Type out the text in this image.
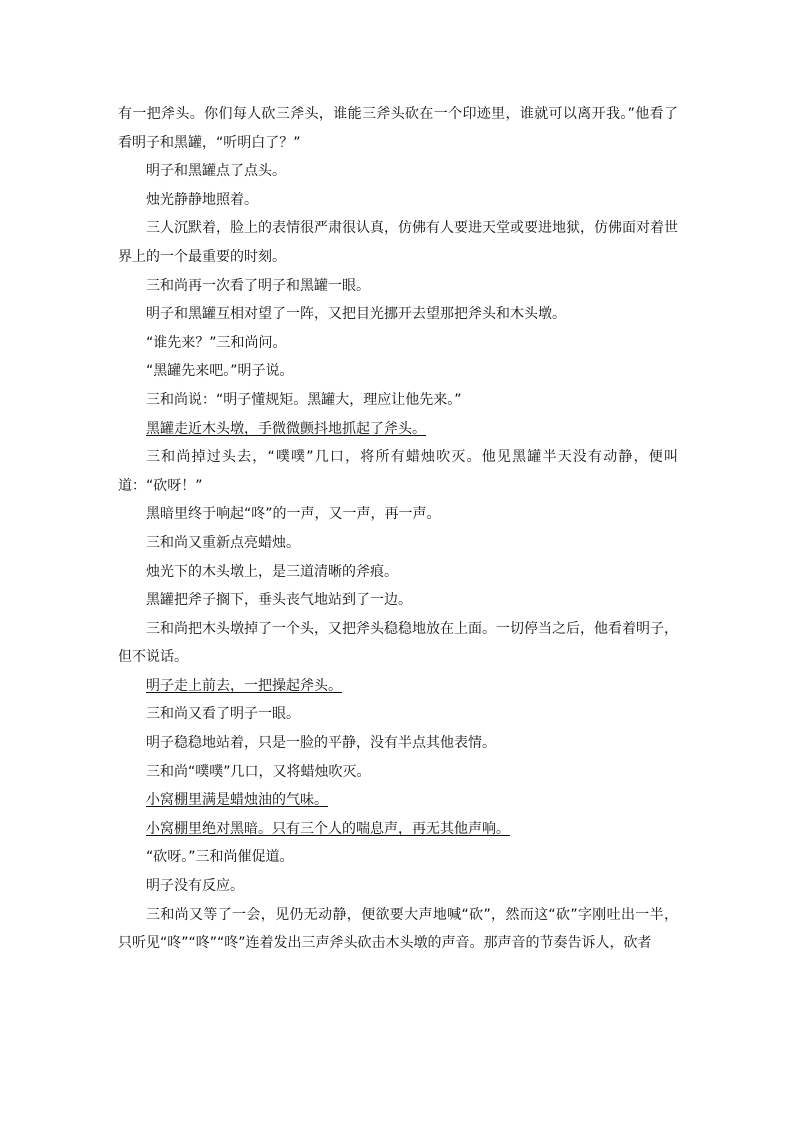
有一把斧头。你们每人砍三斧头，谁能三斧头砍在一个印迹里，谁就可以离开我。”他看了看明子和黑罐，“听明白了？”

明子和黑罐点了点头。

烛光静静地照着。

三人沉默着，脸上的表情很严肃很认真，仿佛有人要进天堂或要进地狱，仿佛面对着世界上的一个最重要的时刻。

三和尚再一次看了明子和黑罐一眼。

明子和黑罐互相对望了一阵，又把目光挪开去望那把斧头和木头墩。

“谁先来？”三和尚问。

“黑罐先来吧。”明子说。

三和尚说：“明子懂规矩。黑罐大，理应让他先来。”

黑罐走近木头墩，手微微颤抖地抓起了斧头。

三和尚掉过头去，“噗噗”几口，将所有蜡烛吹灭。他见黑罐半天没有动静，便叫道：“砍呀！”

黑暗里终于响起“咚”的一声，又一声，再一声。

三和尚又重新点亮蜡烛。

烛光下的木头墩上，是三道清晰的斧痕。

黑罐把斧子搁下，垂头丧气地站到了一边。

三和尚把木头墩掉了一个头，又把斧头稳稳地放在上面。一切停当之后，他看着明子，但不说话。

明子走上前去，一把操起斧头。

三和尚又看了明子一眼。

明子稳稳地站着，只是一脸的平静，没有半点其他表情。

三和尚“噗噗”几口，又将蜡烛吹灭。

小窝棚里满是蜡烛油的气味。

小窝棚里绝对黑暗。只有三个人的喘息声，再无其他声响。

“砍呀。”三和尚催促道。

明子没有反应。

三和尚又等了一会，见仍无动静，便欲要大声地喊“砍”，然而这“砍”字刚吐出一半，只听见“咚”“咚”“咚”连着发出三声斧头砍击木头墩的声音。那声音的节奏告诉人，砍者
